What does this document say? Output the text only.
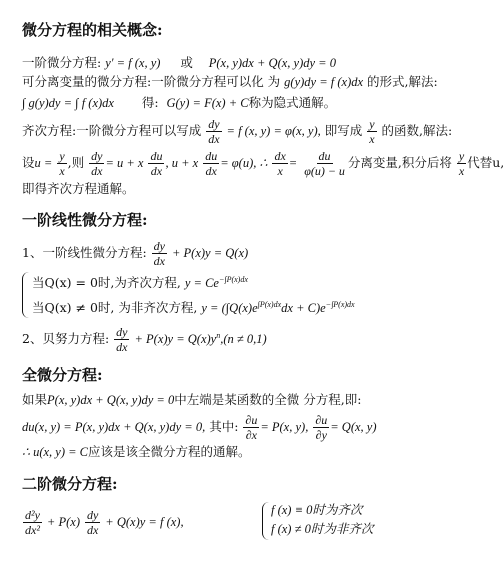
微分方程的相关概念:
一阶微分方程: y′ = f (x, y) 或 P(x, y)dx + Q(x, y)dy = 0
可分离变量的微分方程:一阶微分方程可以化 为 g(y)dy = f (x)dx 的形式,解法:
∫ g(y)dy = ∫ f (x)dx 得: G(y) = F(x) + C称为隐式通解。
齐次方程:一阶微分方程可以写成 $\frac{dy}{dx} = f$ (x, y) = φ(x, y), 即写成 $\frac{y}{x}$ 的函数,解法:
设$u = \frac{y}{x}$ ,则 $\frac{dy}{dx} = u + x \frac{du}{dx}$ , u + x $\frac{du}{dx} = \varphi(u)$, ∴ $\frac{dx}{x} = \frac{du}{\varphi(u) - u}$ 分离变量,积分后将 $\frac{y}{x}$ 代替u,
即得齐次方程通解。
一阶线性微分方程:
1、一阶线性微分方程: $\frac{dy}{dx} + P(x)y = Q(x)$
当Q(x) = 0时,为齐次方程, $y = Ce^{-\int P(x)dx}$
当Q(x) ≠ 0时, 为非齐次方程, $y = (\int Q(x)e^{\int P(x)dx}dx + C)e^{-\int P(x)dx}$
2、贝努力方程: $\frac{dy}{dx} + P(x)y = Q(x)y^n,(n \ne 0,1)$
全微分方程:
如果P(x, y)dx + Q(x, y)dy = 0中左端是某函数的全微 分方程,即:
du(x, y) = P(x, y)dx + Q(x, y)dy = 0, 其中: $\frac{\partial u}{\partial x} = P(x$, y), $\frac{\partial u}{\partial y} = Q(x$, y)
∴ u(x, y) = C应该是该全微分方程的通解。
二阶微分方程:
$\frac{\text{d²y}}{\text{dx²}} + P(x) \frac{dy}{dx} + Q(x)y = f$ (x),
f (x) ≡ 0时为齐次
f (x) ≠ 0时为非齐次
